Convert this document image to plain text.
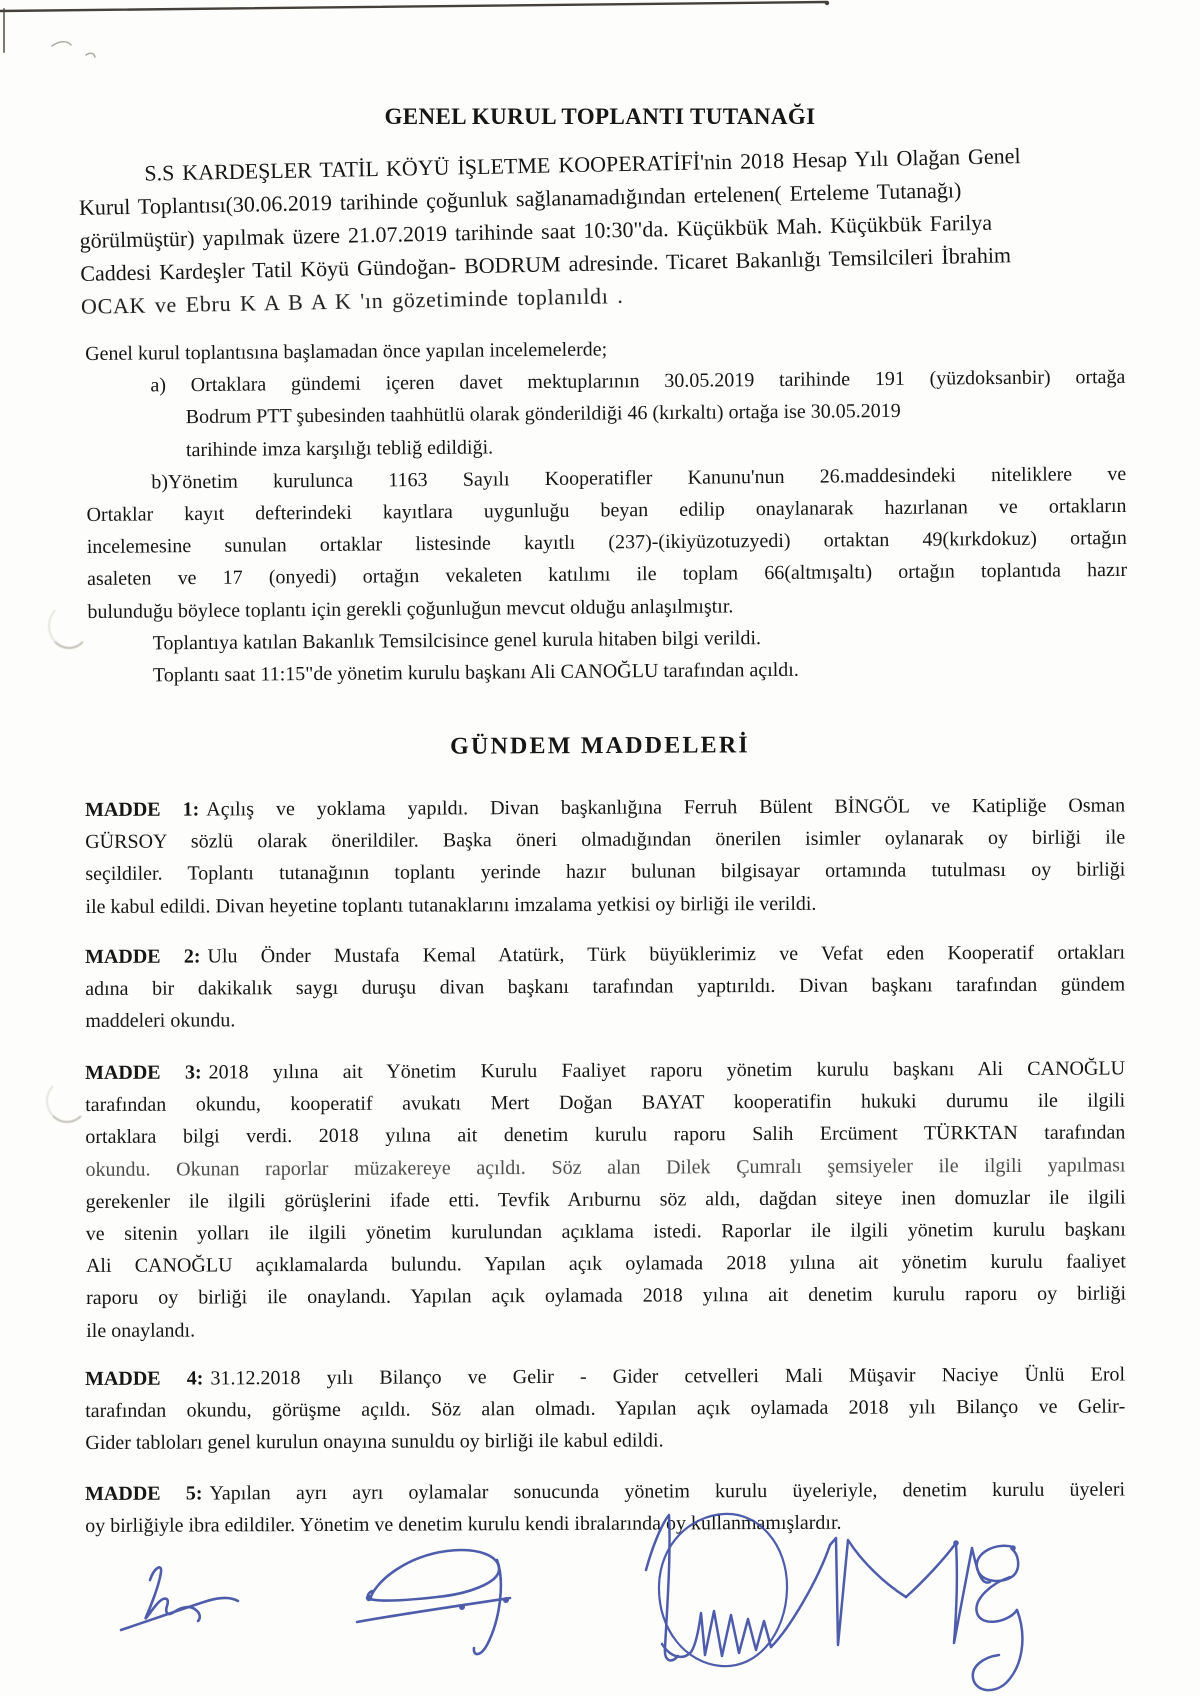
GENEL KURUL TOPLANTI TUTANAĞI
S.S KARDEŞLER TATİL KÖYÜ İŞLETME KOOPERATİFİ'nin 2018 Hesap Yılı Olağan Genel
Kurul Toplantısı(30.06.2019 tarihinde çoğunluk sağlanamadığından ertelenen( Erteleme Tutanağı)
görülmüştür) yapılmak üzere 21.07.2019 tarihinde saat 10:30"da. Küçükbük Mah. Küçükbük Farilya
Caddesi Kardeşler Tatil Köyü Gündoğan- BODRUM adresinde. Ticaret Bakanlığı Temsilcileri İbrahim
OCAK ve Ebru K A B A K 'ın gözetiminde toplanıldı .
Genel kurul toplantısına başlamadan önce yapılan incelemelerde;
a) Ortaklara gündemi içeren davet mektuplarının 30.05.2019 tarihinde 191 (yüzdoksanbir) ortağa
Bodrum PTT şubesinden taahhütlü olarak gönderildiği 46 (kırkaltı) ortağa ise 30.05.2019
tarihinde imza karşılığı tebliğ edildiği.
b)Yönetim kurulunca 1163 Sayılı Kooperatifler Kanunu'nun 26.maddesindeki niteliklere ve
Ortaklar kayıt defterindeki kayıtlara uygunluğu beyan edilip onaylanarak hazırlanan ve ortakların
incelemesine sunulan ortaklar listesinde kayıtlı (237)-(ikiyüzotuzyedi) ortaktan 49(kırkdokuz) ortağın
asaleten ve 17 (onyedi) ortağın vekaleten katılımı ile toplam 66(altmışaltı) ortağın toplantıda hazır
bulunduğu böylece toplantı için gerekli çoğunluğun mevcut olduğu anlaşılmıştır.
Toplantıya katılan Bakanlık Temsilcisince genel kurula hitaben bilgi verildi.
Toplantı saat 11:15"de yönetim kurulu başkanı Ali CANOĞLU tarafından açıldı.
GÜNDEM MADDELERİ
MADDE 1: Açılış ve yoklama yapıldı. Divan başkanlığına Ferruh Bülent BİNGÖL ve Katipliğe Osman
GÜRSOY sözlü olarak önerildiler. Başka öneri olmadığından önerilen isimler oylanarak oy birliği ile
seçildiler. Toplantı tutanağının toplantı yerinde hazır bulunan bilgisayar ortamında tutulması oy birliği
ile kabul edildi. Divan heyetine toplantı tutanaklarını imzalama yetkisi oy birliği ile verildi.
MADDE 2: Ulu Önder Mustafa Kemal Atatürk, Türk büyüklerimiz ve Vefat eden Kooperatif ortakları
adına bir dakikalık saygı duruşu divan başkanı tarafından yaptırıldı. Divan başkanı tarafından gündem
maddeleri okundu.
MADDE 3: 2018 yılına ait Yönetim Kurulu Faaliyet raporu yönetim kurulu başkanı Ali CANOĞLU
tarafından okundu, kooperatif avukatı Mert Doğan BAYAT kooperatifin hukuki durumu ile ilgili
ortaklara bilgi verdi. 2018 yılına ait denetim kurulu raporu Salih Ercüment TÜRKTAN tarafından
okundu. Okunan raporlar müzakereye açıldı. Söz alan Dilek Çumralı şemsiyeler ile ilgili yapılması
gerekenler ile ilgili görüşlerini ifade etti. Tevfik Arıburnu söz aldı, dağdan siteye inen domuzlar ile ilgili
ve sitenin yolları ile ilgili yönetim kurulundan açıklama istedi. Raporlar ile ilgili yönetim kurulu başkanı
Ali CANOĞLU açıklamalarda bulundu. Yapılan açık oylamada 2018 yılına ait yönetim kurulu faaliyet
raporu oy birliği ile onaylandı. Yapılan açık oylamada 2018 yılına ait denetim kurulu raporu oy birliği
ile onaylandı.
MADDE 4: 31.12.2018 yılı Bilanço ve Gelir - Gider cetvelleri Mali Müşavir Naciye Ünlü Erol
tarafından okundu, görüşme açıldı. Söz alan olmadı. Yapılan açık oylamada 2018 yılı Bilanço ve Gelir-
Gider tabloları genel kurulun onayına sunuldu oy birliği ile kabul edildi.
MADDE 5: Yapılan ayrı ayrı oylamalar sonucunda yönetim kurulu üyeleriyle, denetim kurulu üyeleri
oy birliğiyle ibra edildiler. Yönetim ve denetim kurulu kendi ibralarında oy kullanmamışlardır.
